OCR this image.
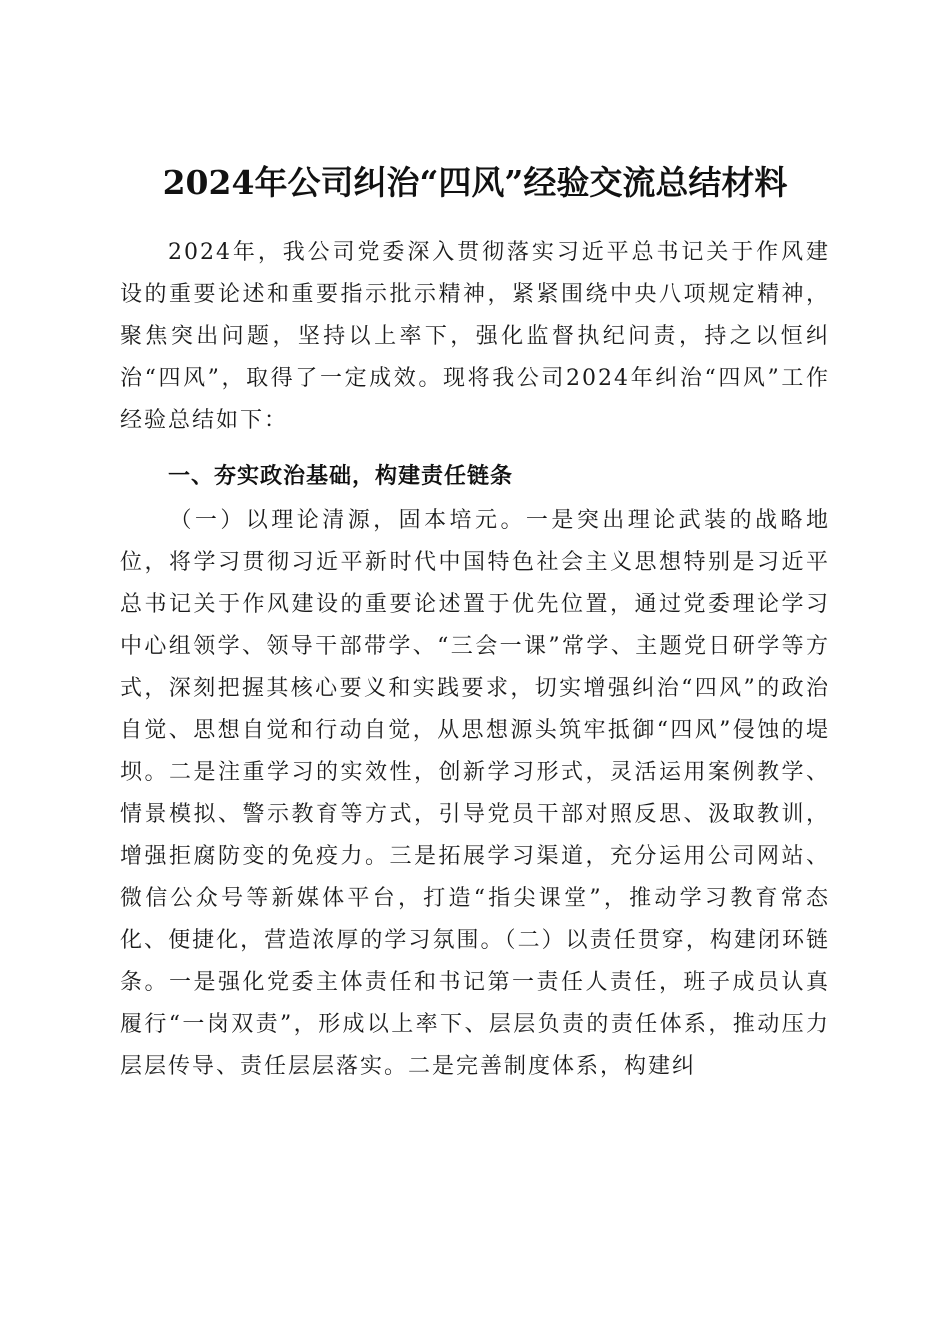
2024年公司纠治“四风”经验交流总结材料

2024年，我公司党委深入贯彻落实习近平总书记关于作风建设的重要论述和重要指示批示精神，紧紧围绕中央八项规定精神，聚焦突出问题，坚持以上率下，强化监督执纪问责，持之以恒纠治“四风”，取得了一定成效。现将我公司2024年纠治“四风”工作经验总结如下：

一、夯实政治基础，构建责任链条

（一）以理论清源，固本培元。一是突出理论武装的战略地位，将学习贯彻习近平新时代中国特色社会主义思想特别是习近平总书记关于作风建设的重要论述置于优先位置，通过党委理论学习中心组领学、领导干部带学、“三会一课”常学、主题党日研学等方式，深刻把握其核心要义和实践要求，切实增强纠治“四风”的政治自觉、思想自觉和行动自觉，从思想源头筑牢抵御“四风”侵蚀的堤坝。二是注重学习的实效性，创新学习形式，灵活运用案例教学、情景模拟、警示教育等方式，引导党员干部对照反思、汲取教训，增强拒腐防变的免疫力。三是拓展学习渠道，充分运用公司网站、微信公众号等新媒体平台，打造“指尖课堂”，推动学习教育常态化、便捷化，营造浓厚的学习氛围。（二）以责任贯穿，构建闭环链条。一是强化党委主体责任和书记第一责任人责任，班子成员认真履行“一岗双责”，形成以上率下、层层负责的责任体系，推动压力层层传导、责任层层落实。二是完善制度体系，构建纠
